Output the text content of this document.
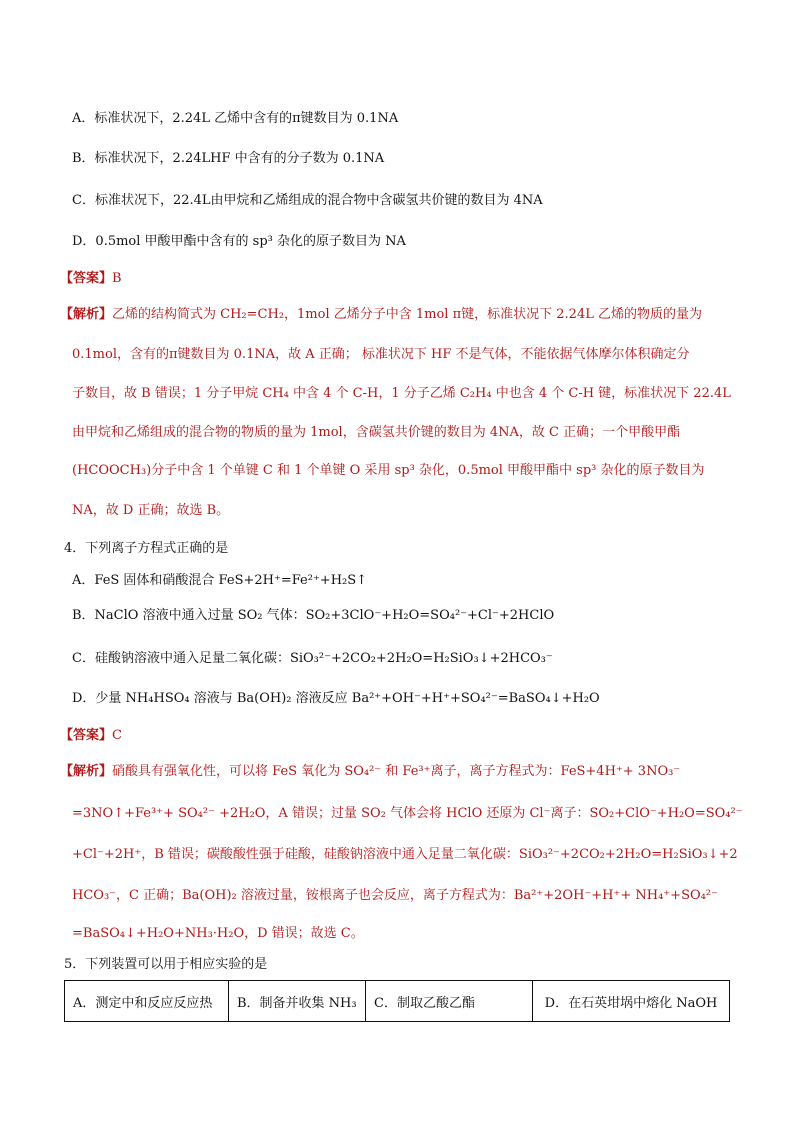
A．标准状况下，2.24L 乙烯中含有的π键数目为 0.1NA
B．标准状况下，2.24LHF 中含有的分子数为 0.1NA
C．标准状况下，22.4L由甲烷和乙烯组成的混合物中含碳氢共价键的数目为 4NA
D．0.5mol 甲酸甲酯中含有的 sp³ 杂化的原子数目为 NA
【答案】B
【解析】乙烯的结构简式为 CH₂=CH₂，1mol 乙烯分子中含 1mol π键，标准状况下 2.24L 乙烯的物质的量为
0.1mol，含有的π键数目为 0.1NA，故 A 正确； 标准状况下 HF 不是气体，不能依据气体摩尔体积确定分
子数目，故 B 错误；1 分子甲烷 CH₄ 中含 4 个 C-H，1 分子乙烯 C₂H₄ 中也含 4 个 C-H 键，标准状况下 22.4L
由甲烷和乙烯组成的混合物的物质的量为 1mol，含碳氢共价键的数目为 4NA，故 C 正确；一个甲酸甲酯
(HCOOCH₃)分子中含 1 个单键 C 和 1 个单键 O 采用 sp³ 杂化，0.5mol 甲酸甲酯中 sp³ 杂化的原子数目为
NA，故 D 正确；故选 B。
4．下列离子方程式正确的是
A．FeS 固体和硝酸混合 FeS+2H⁺=Fe²⁺+H₂S↑
B．NaClO 溶液中通入过量 SO₂ 气体：SO₂+3ClO⁻+H₂O=SO₄²⁻+Cl⁻+2HClO
C．硅酸钠溶液中通入足量二氧化碳：SiO₃²⁻+2CO₂+2H₂O=H₂SiO₃↓+2HCO₃⁻
D．少量 NH₄HSO₄ 溶液与 Ba(OH)₂ 溶液反应 Ba²⁺+OH⁻+H⁺+SO₄²⁻=BaSO₄↓+H₂O
【答案】C
【解析】硝酸具有强氧化性，可以将 FeS 氧化为 SO₄²⁻ 和 Fe³⁺离子，离子方程式为：FeS+4H⁺+ 3NO₃⁻
=3NO↑+Fe³⁺+ SO₄²⁻ +2H₂O，A 错误；过量 SO₂ 气体会将 HClO 还原为 Cl⁻离子：SO₂+ClO⁻+H₂O=SO₄²⁻
+Cl⁻+2H⁺，B 错误；碳酸酸性强于硅酸，硅酸钠溶液中通入足量二氧化碳：SiO₃²⁻+2CO₂+2H₂O=H₂SiO₃↓+2
HCO₃⁻，C 正确；Ba(OH)₂ 溶液过量，铵根离子也会反应，离子方程式为：Ba²⁺+2OH⁻+H⁺+ NH₄⁺+SO₄²⁻
=BaSO₄↓+H₂O+NH₃·H₂O，D 错误；故选 C。
5．下列装置可以用于相应实验的是
A．测定中和反应反应热	B．制备并收集 NH₃	C．制取乙酸乙酯	D．在石英坩埚中熔化 NaOH
